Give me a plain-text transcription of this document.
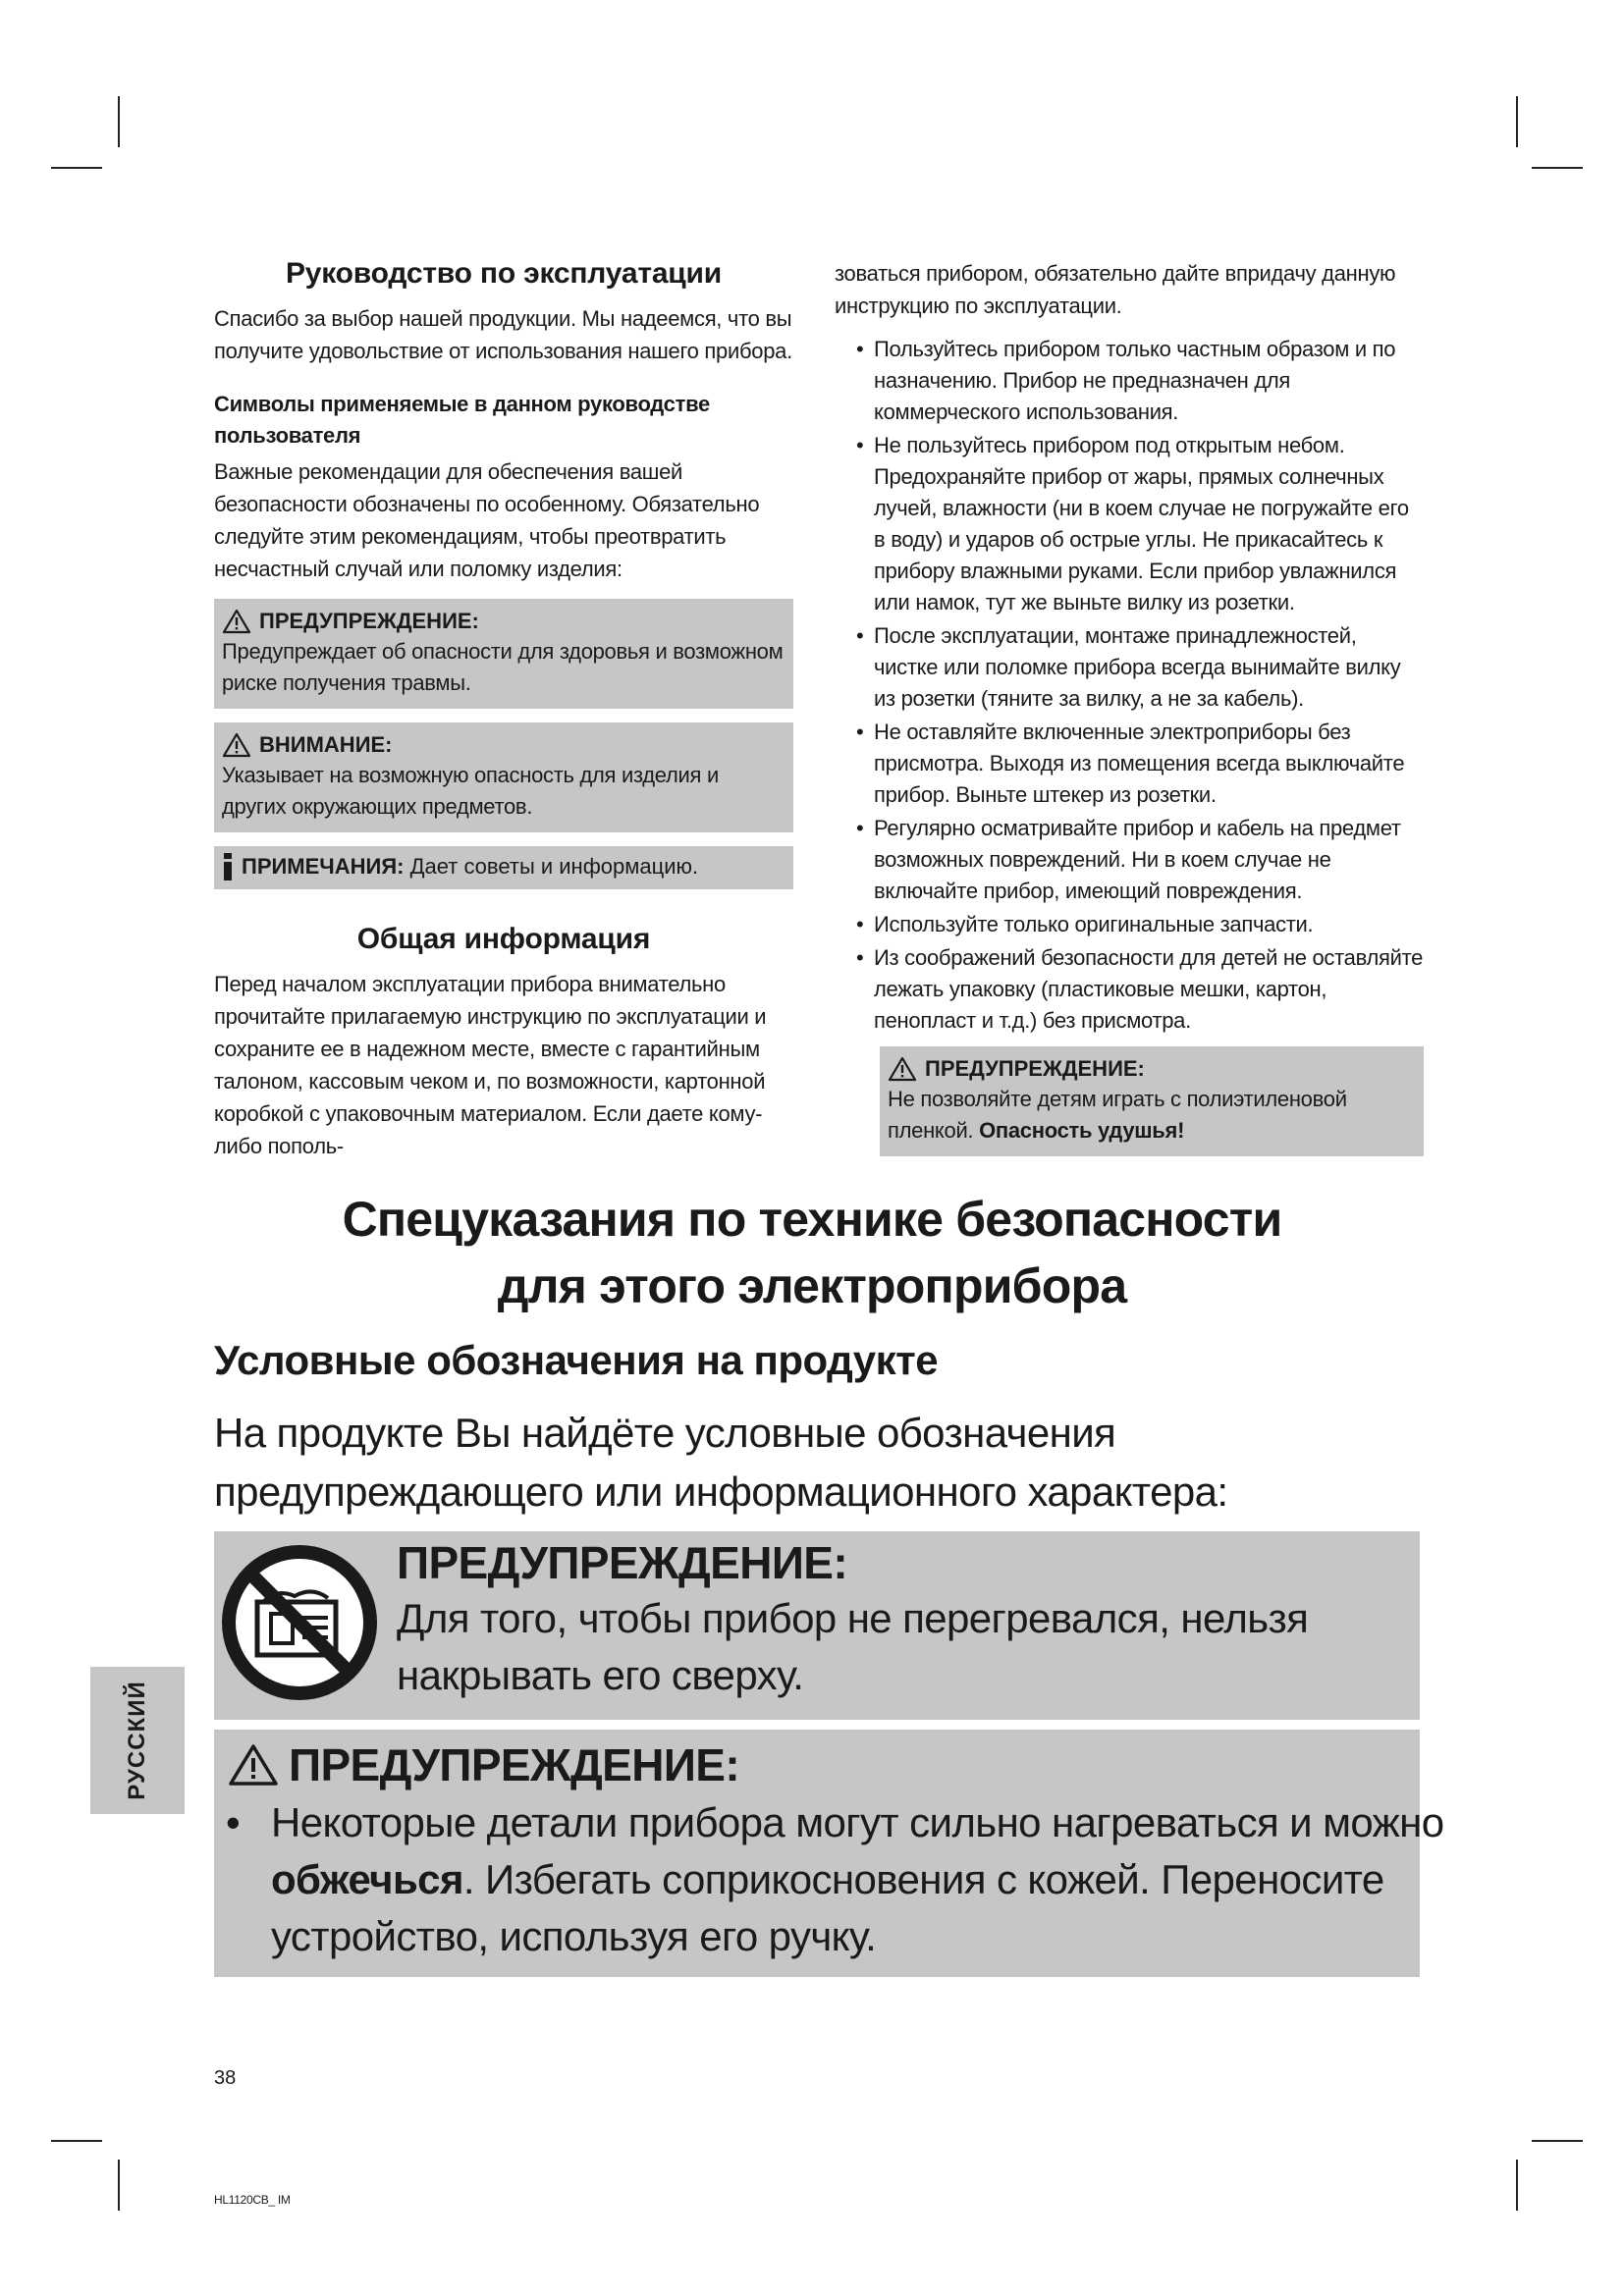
Руководство по эксплуатации

Спасибо за выбор нашей продукции. Мы надеемся, что вы получите удовольствие от использования нашего прибора.

Символы применяемые в данном руководстве пользователя

Важные рекомендации для обеспечения вашей безопасности обозначены по особенному. Обязательно следуйте этим рекомендациям, чтобы преотвратить несчастный случай или поломку изделия:

ПРЕДУПРЕЖДЕНИЕ:
Предупреждает об опасности для здоровья и возможном риске получения травмы.
ВНИМАНИЕ:
Указывает на возможную опасность для изделия и других окружающих предметов.
ПРИМЕЧАНИЯ: Дает советы и информацию.
Общая информация

Перед началом эксплуатации прибора внимательно прочитайте прилагаемую инструкцию по эксплуатации и сохраните ее в надежном месте, вместе с гарантийным талоном, кассовым чеком и, по возможности, картонной коробкой с упаковочным материалом. Если даете кому-либо пополь-

зоваться прибором, обязательно дайте впридачу данную инструкцию по эксплуатации.

• Пользуйтесь прибором только частным образом и по назначению. Прибор не предназначен для коммерческого использования.
• Не пользуйтесь прибором под открытым небом. Предохраняйте прибор от жары, прямых солнечных лучей, влажности (ни в коем случае не погружайте его в воду) и ударов об острые углы. Не прикасайтесь к прибору влажными руками. Если прибор увлажнился или намок, тут же выньте вилку из розетки.
• После эксплуатации, монтаже принадлежностей, чистке или поломке прибора всегда вынимайте вилку из розетки (тяните за вилку, а не за кабель).
• Не оставляйте включенные электроприборы без присмотра. Выходя из помещения всегда выключайте прибор. Выньте штекер из розетки.
• Регулярно осматривайте прибор и кабель на предмет возможных повреждений. Ни в коем случае не включайте прибор, имеющий повреждения.
• Используйте только оригинальные запчасти.
• Из соображений безопасности для детей не оставляйте лежать упаковку (пластиковые мешки, картон, пенопласт и т.д.) без присмотра.
ПРЕДУПРЕЖДЕНИЕ:
Не позволяйте детям играть с полиэтиленовой пленкой. Опасность удушья!
Спецуказания по технике безопасности
для этого электроприбора
Условные обозначения на продукте
На продукте Вы найдёте условные обозначения предупреждающего или информационного характера:
ПРЕДУПРЕЖДЕНИЕ:
Для того, чтобы прибор не перегревался, нельзя накрывать его сверху.
ПРЕДУПРЕЖДЕНИЕ:
• Некоторые детали прибора могут сильно нагреваться и можно обжечься. Избегать соприкосновения с кожей. Переносите устройство, используя его ручку.
РУССКИЙ
38
HL1120CB_ IM
